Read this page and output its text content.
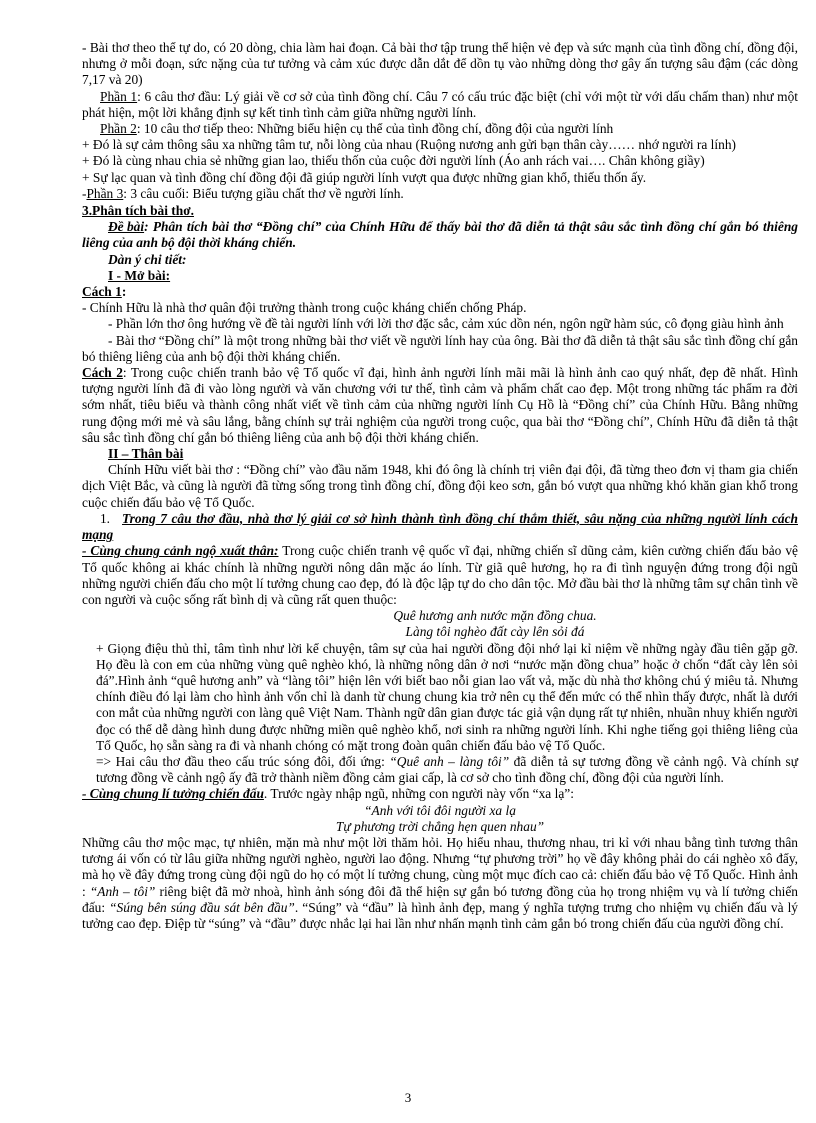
- Bài thơ theo thể tự do, có 20 dòng, chia làm hai đoạn. Cả bài thơ tập trung thể hiện vẻ đẹp và sức mạnh của tình đồng chí, đồng đội, nhưng ở mỗi đoạn, sức nặng của tư tưởng và cảm xúc được dẫn dắt để dồn tụ vào những dòng thơ gây ấn tượng sâu đậm (các dòng 7,17 và 20)

Phần 1: 6 câu thơ đầu: Lý giải về cơ sở của tình đồng chí. Câu 7 có cấu trúc đặc biệt (chỉ với một từ với dấu chấm than) như một phát hiện, một lời khẳng định sự kết tinh tình cảm giữa những người lính.

Phần 2: 10 câu thơ tiếp theo: Những biểu hiện cụ thể của tình đồng chí, đồng đội của người lính

+ Đó là sự cảm thông sâu xa những tâm tư, nỗi lòng của nhau (Ruộng nương anh gửi bạn thân cày…… nhớ người ra lính)

+ Đó là cùng nhau chia sẻ những gian lao, thiếu thốn của cuộc đời người lính (Áo anh rách vai…. Chân không giầy)

+ Sự lạc quan và tình đồng chí đồng đội đã giúp người lính vượt qua được những gian khổ, thiếu thốn ấy.

-Phần 3: 3 câu cuối: Biểu tượng giầu chất thơ về người lính.

3.Phân tích bài thơ.

Đề bài: Phân tích bài thơ “Đồng chí” của Chính Hữu để thấy bài thơ đã diễn tả thật sâu sắc tình đồng chí gắn bó thiêng liêng của anh bộ đội thời kháng chiến.

Dàn ý chi tiết:

I - Mở bài:

Cách 1:

- Chính Hữu là nhà thơ quân đội trưởng thành trong cuộc kháng chiến chống Pháp.

- Phần lớn thơ ông hướng về đề tài người lính với lời thơ đặc sắc, cảm xúc dồn nén, ngôn ngữ hàm súc, cô đọng giàu hình ảnh

- Bài thơ “Đồng chí” là một trong những bài thơ viết về người lính hay của ông. Bài thơ đã diễn tả thật sâu sắc tình đồng chí gắn bó thiêng liêng của anh bộ đội thời kháng chiến.

Cách 2: Trong cuộc chiến tranh bảo vệ Tổ quốc vĩ đại, hình ảnh người lính mãi mãi là hình ảnh cao quý nhất, đẹp đẽ nhất. Hình tượng người lính đã đi vào lòng người và văn chương với tư thế, tình cảm và phẩm chất cao đẹp. Một trong những tác phẩm ra đời sớm nhất, tiêu biểu và thành công nhất viết về tình cảm của những người lính Cụ Hồ là “Đồng chí” của Chính Hữu. Bằng những rung động mới mẻ và sâu lắng, bằng chính sự trải nghiệm của người trong cuộc, qua bài thơ “Đồng chí”, Chính Hữu đã diễn tả thật sâu sắc tình đồng chí gắn bó thiêng liêng của anh bộ đội thời kháng chiến.

II – Thân bài

Chính Hữu viết bài thơ : “Đồng chí” vào đầu năm 1948, khi đó ông là chính trị viên đại đội, đã từng theo đơn vị tham gia chiến dịch Việt Bắc, và cũng là người đã từng sống trong tình đồng chí, đồng đội keo sơn, gắn bó vượt qua những khó khăn gian khổ trong cuộc chiến đấu bảo vệ Tổ Quốc.

1. Trong 7 câu thơ đầu, nhà thơ lý giải cơ sở hình thành tình đồng chí thắm thiết, sâu nặng của những người lính cách mạng

- Cùng chung cảnh ngộ xuất thân: Trong cuộc chiến tranh vệ quốc vĩ đại, những chiến sĩ dũng cảm, kiên cường chiến đấu bảo vệ Tổ quốc không ai khác chính là những người nông dân mặc áo lính. Từ giã quê hương, họ ra đi tình nguyện đứng trong đội ngũ những người chiến đấu cho một lí tưởng chung cao đẹp, đó là độc lập tự do cho dân tộc. Mở đầu bài thơ là những tâm sự chân tình về con người và cuộc sống rất bình dị và cũng rất quen thuộc:

Quê hương anh nước mặn đồng chua.

Làng tôi nghèo đất cày lên sỏi đá

+ Giọng điệu thủ thỉ, tâm tình như lời kể chuyện, tâm sự của hai người đồng đội nhớ lại kỉ niệm về những ngày đầu tiên gặp gỡ. Họ đều là con em của những vùng quê nghèo khó, là những nông dân ở nơi “nước mặn đồng chua” hoặc ở chốn “đất cày lên sỏi đá”.Hình ảnh “quê hương anh” và “làng tôi” hiện lên với biết bao nỗi gian lao vất vả, mặc dù nhà thơ không chú ý miêu tả. Nhưng chính điều đó lại làm cho hình ảnh vốn chỉ là danh từ chung chung kia trở nên cụ thể đến mức có thể nhìn thấy được, nhất là dưới con mắt của những người con làng quê Việt Nam. Thành ngữ dân gian được tác giả vận dụng rất tự nhiên, nhuần nhuỵ khiến người đọc có thể dễ dàng hình dung được những miền quê nghèo khổ, nơi sinh ra những người lính. Khi nghe tiếng gọi thiêng liêng của Tổ Quốc, họ sẵn sàng ra đi và nhanh chóng có mặt trong đoàn quân chiến đấu bảo vệ Tổ Quốc.

=> Hai câu thơ đầu theo cấu trúc sóng đôi, đối ứng: “Quê anh – làng tôi” đã diễn tả sự tương đồng về cảnh ngộ. Và chính sự tương đồng về cảnh ngộ ấy đã trở thành niềm đồng cảm giai cấp, là cơ sở cho tình đồng chí, đồng đội của người lính.

- Cùng chung lí tưởng chiến đấu. Trước ngày nhập ngũ, những con người này vốn “xa lạ”:

“Anh với tôi đôi người xa lạ

Tự phương trời chẳng hẹn quen nhau”

Những câu thơ mộc mạc, tự nhiên, mặn mà như một lời thăm hỏi. Họ hiểu nhau, thương nhau, tri kỉ với nhau bằng tình tương thân tương ái vốn có từ lâu giữa những người nghèo, người lao động. Nhưng “tự phương trời” họ về đây không phải do cái nghèo xô đẩy, mà họ về đây đứng trong cùng đội ngũ do họ có một lí tưởng chung, cùng một mục đích cao cả: chiến đấu bảo vệ Tổ Quốc. Hình ảnh : “Anh – tôi” riêng biệt đã mờ nhoà, hình ảnh sóng đôi đã thể hiện sự gắn bó tương đồng của họ trong nhiệm vụ và lí tưởng chiến đấu: “Súng bên súng đầu sát bên đầu”. “Súng” và “đầu” là hình ảnh đẹp, mang ý nghĩa tượng trưng cho nhiệm vụ chiến đấu và lý tưởng cao đẹp. Điệp từ “súng” và “đầu” được nhắc lại hai lần như nhấn mạnh tình cảm gắn bó trong chiến đấu của người đồng chí.

3
